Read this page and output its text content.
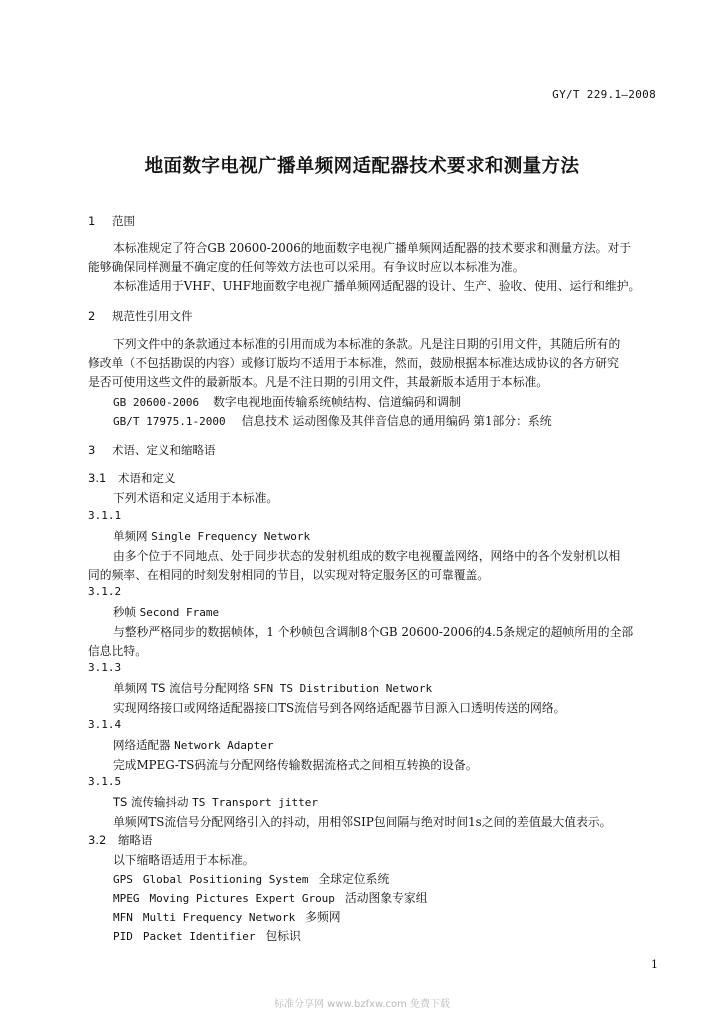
GY/T 229.1—2008
地面数字电视广播单频网适配器技术要求和测量方法
1 范围
本标准规定了符合GB 20600-2006的地面数字电视广播单频网适配器的技术要求和测量方法。对于
能够确保同样测量不确定度的任何等效方法也可以采用。有争议时应以本标准为准。
本标准适用于VHF、UHF地面数字电视广播单频网适配器的设计、生产、验收、使用、运行和维护。
2 规范性引用文件
下列文件中的条款通过本标准的引用而成为本标准的条款。凡是注日期的引用文件，其随后所有的
修改单（不包括勘误的内容）或修订版均不适用于本标准，然而，鼓励根据本标准达成协议的各方研究
是否可使用这些文件的最新版本。凡是不注日期的引用文件，其最新版本适用于本标准。
GB 20600-2006 数字电视地面传输系统帧结构、信道编码和调制
GB/T 17975.1-2000 信息技术 运动图像及其伴音信息的通用编码 第1部分：系统
3 术语、定义和缩略语
3.1 术语和定义
下列术语和定义适用于本标准。
3.1.1
单频网 Single Frequency Network
由多个位于不同地点、处于同步状态的发射机组成的数字电视覆盖网络，网络中的各个发射机以相
同的频率、在相同的时刻发射相同的节目，以实现对特定服务区的可靠覆盖。
3.1.2
秒帧 Second Frame
与整秒严格同步的数据帧体，1 个秒帧包含调制8个GB 20600-2006的4.5条规定的超帧所用的全部
信息比特。
3.1.3
单频网 TS 流信号分配网络 SFN TS Distribution Network
实现网络接口或网络适配器接口TS流信号到各网络适配器节目源入口透明传送的网络。
3.1.4
网络适配器 Network Adapter
完成MPEG-TS码流与分配网络传输数据流格式之间相互转换的设备。
3.1.5
TS 流传输抖动 TS Transport jitter
单频网TS流信号分配网络引入的抖动，用相邻SIP包间隔与绝对时间1s之间的差值最大值表示。
3.2 缩略语
以下缩略语适用于本标准。
GPS Global Positioning System 全球定位系统
MPEG Moving Pictures Expert Group 活动图象专家组
MFN Multi Frequency Network 多频网
PID Packet Identifier 包标识
1
标准分享网 www.bzfxw.com 免费下载
